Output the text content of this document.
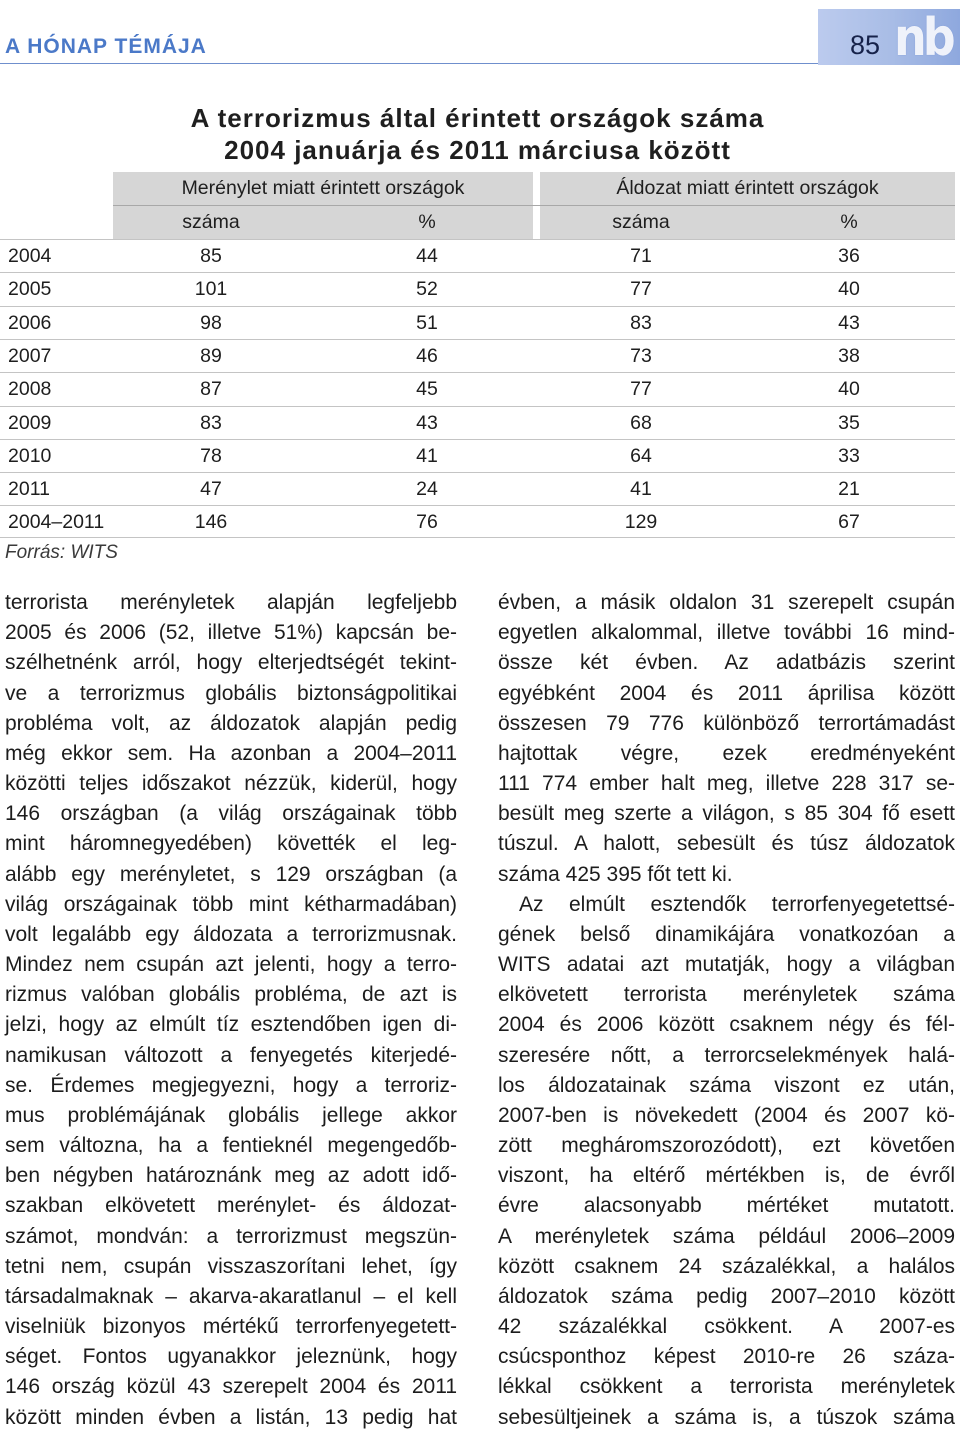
A HÓNAP TÉMÁJA	85 nb
A terrorizmus által érintett országok száma
2004 januárja és 2011 márciusa között
Merénylet miatt érintett országok	Áldozat miatt érintett országok
száma	%	száma	%
2004	85	44	71	36
2005	101	52	77	40
2006	98	51	83	43
2007	89	46	73	38
2008	87	45	77	40
2009	83	43	68	35
2010	78	41	64	33
2011	47	24	41	21
2004–2011	146	76	129	67
Forrás: WITS
terrorista merényletek alapján legfeljebb
2005 és 2006 (52, illetve 51%) kapcsán be-
szélhetnénk arról, hogy elterjedtségét tekint-
ve a terrorizmus globális biztonságpolitikai
probléma volt, az áldozatok alapján pedig
még ekkor sem. Ha azonban a 2004–2011
közötti teljes időszakot nézzük, kiderül, hogy
146 országban (a világ országainak több
mint háromnegyedében) követték el leg-
alább egy merényletet, s 129 országban (a
világ országainak több mint kétharmadában)
volt legalább egy áldozata a terrorizmusnak.
Mindez nem csupán azt jelenti, hogy a terro-
rizmus valóban globális probléma, de azt is
jelzi, hogy az elmúlt tíz esztendőben igen di-
namikusan változott a fenyegetés kiterjedé-
se. Érdemes megjegyezni, hogy a terroriz-
mus problémájának globális jellege akkor
sem változna, ha a fentieknél megengedőb-
ben négyben határoznánk meg az adott idő-
szakban elkövetett merénylet- és áldozat-
számot, mondván: a terrorizmust megszün-
tetni nem, csupán visszaszorítani lehet, így
társadalmaknak – akarva-akaratlanul – el kell
viselniük bizonyos mértékű terrorfenyegetett-
séget. Fontos ugyanakkor jeleznünk, hogy
146 ország közül 43 szerepelt 2004 és 2011
között minden évben a listán, 13 pedig hat
évben, a másik oldalon 31 szerepelt csupán
egyetlen alkalommal, illetve további 16 mind-
össze két évben. Az adatbázis szerint
egyébként 2004 és 2011 áprilisa között
összesen 79 776 különböző terrortámadást
hajtottak végre, ezek eredményeként
111 774 ember halt meg, illetve 228 317 se-
besült meg szerte a világon, s 85 304 fő esett
túszul. A halott, sebesült és túsz áldozatok
száma 425 395 főt tett ki.
Az elmúlt esztendők terrorfenyegetettsé-
gének belső dinamikájára vonatkozóan a
WITS adatai azt mutatják, hogy a világban
elkövetett terrorista merényletek száma
2004 és 2006 között csaknem négy és fél-
szeresére nőtt, a terrorcselekmények halá-
los áldozatainak száma viszont ez után,
2007-ben is növekedett (2004 és 2007 kö-
zött megháromszorozódott), ezt követően
viszont, ha eltérő mértékben is, de évről
évre alacsonyabb mértéket mutatott.
A merényletek száma például 2006–2009
között csaknem 24 százalékkal, a halálos
áldozatok száma pedig 2007–2010 között
42 százalékkal csökkent. A 2007-es
csúcsponthoz képest 2010-re 26 száza-
lékkal csökkent a terrorista merényletek
sebesültjeinek a száma is, a túszok száma
